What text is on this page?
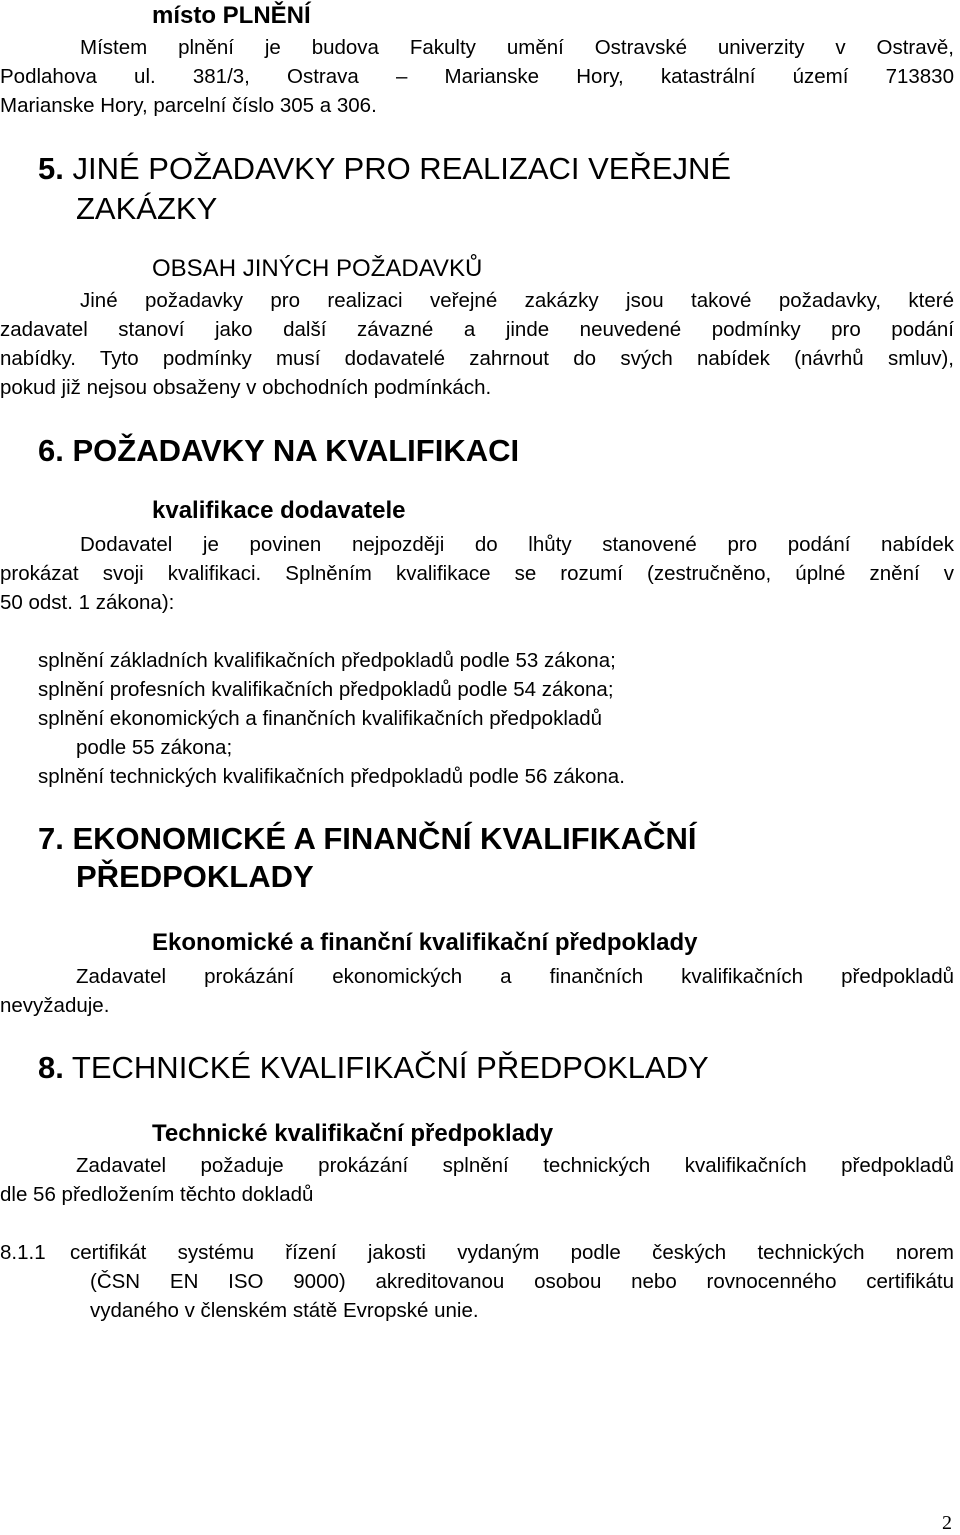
místo PLNĚNÍ
Místem plnění je budova Fakulty umění Ostravské univerzity v Ostravě,
Podlahova ul. 381/3, Ostrava – Marianske Hory, katastrální území 713830
Marianske Hory, parcelní číslo 305 a 306.
5. JINÉ POŽADAVKY PRO REALIZACI VEŘEJNÉ
ZAKÁZKY
OBSAH JINÝCH POŽADAVKŮ
Jiné požadavky pro realizaci veřejné zakázky jsou takové požadavky, které
zadavatel stanoví jako další závazné a jinde neuvedené podmínky pro podání
nabídky. Tyto podmínky musí dodavatelé zahrnout do svých nabídek (návrhů smluv),
pokud již nejsou obsaženy v obchodních podmínkách.
6. POŽADAVKY NA KVALIFIKACI
kvalifikace dodavatele
Dodavatel je povinen nejpozději do lhůty stanovené pro podání nabídek
prokázat svoji kvalifikaci. Splněním kvalifikace se rozumí (zestručněno, úplné znění v
50 odst. 1 zákona):
splnění základních kvalifikačních předpokladů podle 53 zákona;
splnění profesních kvalifikačních předpokladů podle 54 zákona;
splnění ekonomických a finančních kvalifikačních předpokladů
podle 55 zákona;
splnění technických kvalifikačních předpokladů podle 56 zákona.
7. EKONOMICKÉ A FINANČNÍ KVALIFIKAČNÍ
PŘEDPOKLADY
Ekonomické a finanční kvalifikační předpoklady
Zadavatel prokázání ekonomických a finančních kvalifikačních předpokladů
nevyžaduje.
8. TECHNICKÉ KVALIFIKAČNÍ PŘEDPOKLADY
Technické kvalifikační předpoklady
Zadavatel požaduje prokázání splnění technických kvalifikačních předpokladů
dle 56 předložením těchto dokladů
8.1.1 certifikát systému řízení jakosti vydaným podle českých technických norem
(ČSN EN ISO 9000) akreditovanou osobou nebo rovnocenného certifikátu
vydaného v členském státě Evropské unie.
2
